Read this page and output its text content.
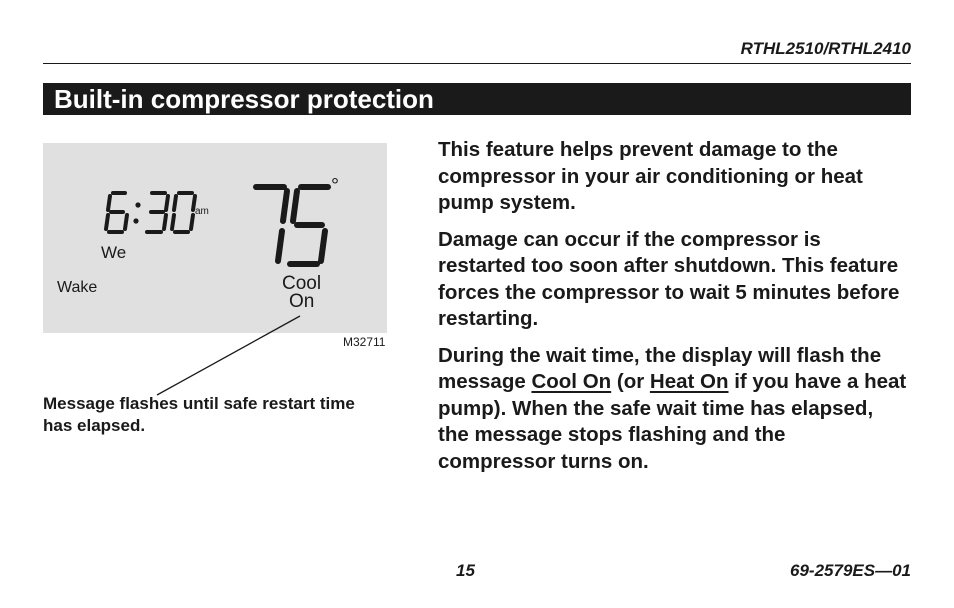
RTHL2510/RTHL2410
Built-in compressor protection
am
°
We
Wake	Cool
On
M32711
Message flashes until safe restart time has elapsed.

This feature helps prevent damage to the compressor in your air conditioning or heat pump system.

Damage can occur if the compressor is restarted too soon after shutdown. This feature forces the compressor to wait 5 minutes before restarting.

During the wait time, the display will flash the message Cool On (or Heat On if you have a heat pump). When the safe wait time has elapsed, the message stops flashing and the compressor turns on.

15	69-2579ES—01
